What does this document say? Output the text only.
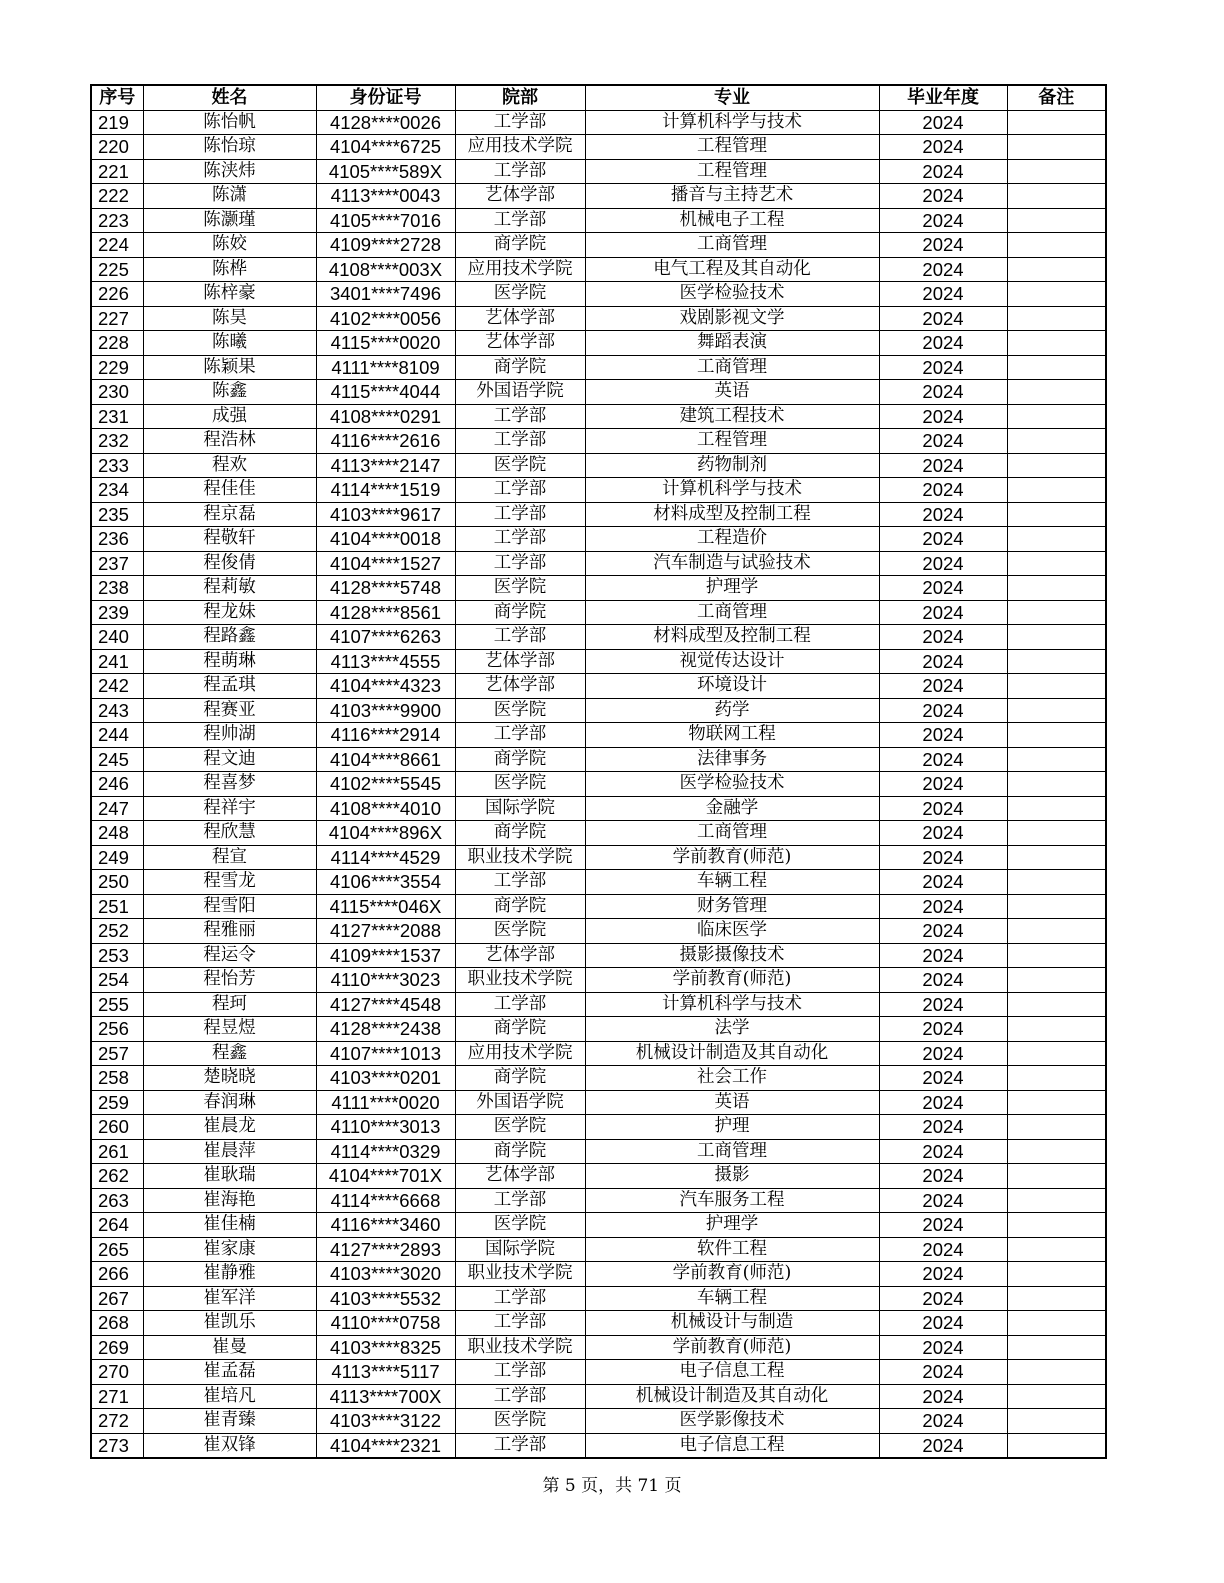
序号	姓名	身份证号	院部	专业	毕业年度	备注
219	陈怡帆	4128****0026	工学部	计算机科学与技术	2024	
220	陈怡琼	4104****6725	应用技术学院	工程管理	2024	
221	陈浃炜	4105****589X	工学部	工程管理	2024	
222	陈潇	4113****0043	艺体学部	播音与主持艺术	2024	
223	陈灏瑾	4105****7016	工学部	机械电子工程	2024	
224	陈姣	4109****2728	商学院	工商管理	2024	
225	陈桦	4108****003X	应用技术学院	电气工程及其自动化	2024	
226	陈梓豪	3401****7496	医学院	医学检验技术	2024	
227	陈昊	4102****0056	艺体学部	戏剧影视文学	2024	
228	陈曦	4115****0020	艺体学部	舞蹈表演	2024	
229	陈颖果	4111****8109	商学院	工商管理	2024	
230	陈鑫	4115****4044	外国语学院	英语	2024	
231	成强	4108****0291	工学部	建筑工程技术	2024	
232	程浩林	4116****2616	工学部	工程管理	2024	
233	程欢	4113****2147	医学院	药物制剂	2024	
234	程佳佳	4114****1519	工学部	计算机科学与技术	2024	
235	程京磊	4103****9617	工学部	材料成型及控制工程	2024	
236	程敬轩	4104****0018	工学部	工程造价	2024	
237	程俊倩	4104****1527	工学部	汽车制造与试验技术	2024	
238	程莉敏	4128****5748	医学院	护理学	2024	
239	程龙妹	4128****8561	商学院	工商管理	2024	
240	程路鑫	4107****6263	工学部	材料成型及控制工程	2024	
241	程萌琳	4113****4555	艺体学部	视觉传达设计	2024	
242	程孟琪	4104****4323	艺体学部	环境设计	2024	
243	程赛亚	4103****9900	医学院	药学	2024	
244	程帅湖	4116****2914	工学部	物联网工程	2024	
245	程文迪	4104****8661	商学院	法律事务	2024	
246	程喜梦	4102****5545	医学院	医学检验技术	2024	
247	程祥宇	4108****4010	国际学院	金融学	2024	
248	程欣慧	4104****896X	商学院	工商管理	2024	
249	程宣	4114****4529	职业技术学院	学前教育(师范)	2024	
250	程雪龙	4106****3554	工学部	车辆工程	2024	
251	程雪阳	4115****046X	商学院	财务管理	2024	
252	程雅丽	4127****2088	医学院	临床医学	2024	
253	程运令	4109****1537	艺体学部	摄影摄像技术	2024	
254	程怡芳	4110****3023	职业技术学院	学前教育(师范)	2024	
255	程珂	4127****4548	工学部	计算机科学与技术	2024	
256	程昱煜	4128****2438	商学院	法学	2024	
257	程鑫	4107****1013	应用技术学院	机械设计制造及其自动化	2024	
258	楚晓晓	4103****0201	商学院	社会工作	2024	
259	春润琳	4111****0020	外国语学院	英语	2024	
260	崔晨龙	4110****3013	医学院	护理	2024	
261	崔晨萍	4114****0329	商学院	工商管理	2024	
262	崔耿瑞	4104****701X	艺体学部	摄影	2024	
263	崔海艳	4114****6668	工学部	汽车服务工程	2024	
264	崔佳楠	4116****3460	医学院	护理学	2024	
265	崔家康	4127****2893	国际学院	软件工程	2024	
266	崔静雅	4103****3020	职业技术学院	学前教育(师范)	2024	
267	崔军洋	4103****5532	工学部	车辆工程	2024	
268	崔凯乐	4110****0758	工学部	机械设计与制造	2024	
269	崔曼	4103****8325	职业技术学院	学前教育(师范)	2024	
270	崔孟磊	4113****5117	工学部	电子信息工程	2024	
271	崔培凡	4113****700X	工学部	机械设计制造及其自动化	2024	
272	崔青臻	4103****3122	医学院	医学影像技术	2024	
273	崔双锋	4104****2321	工学部	电子信息工程	2024	
第 5 页，共 71 页
